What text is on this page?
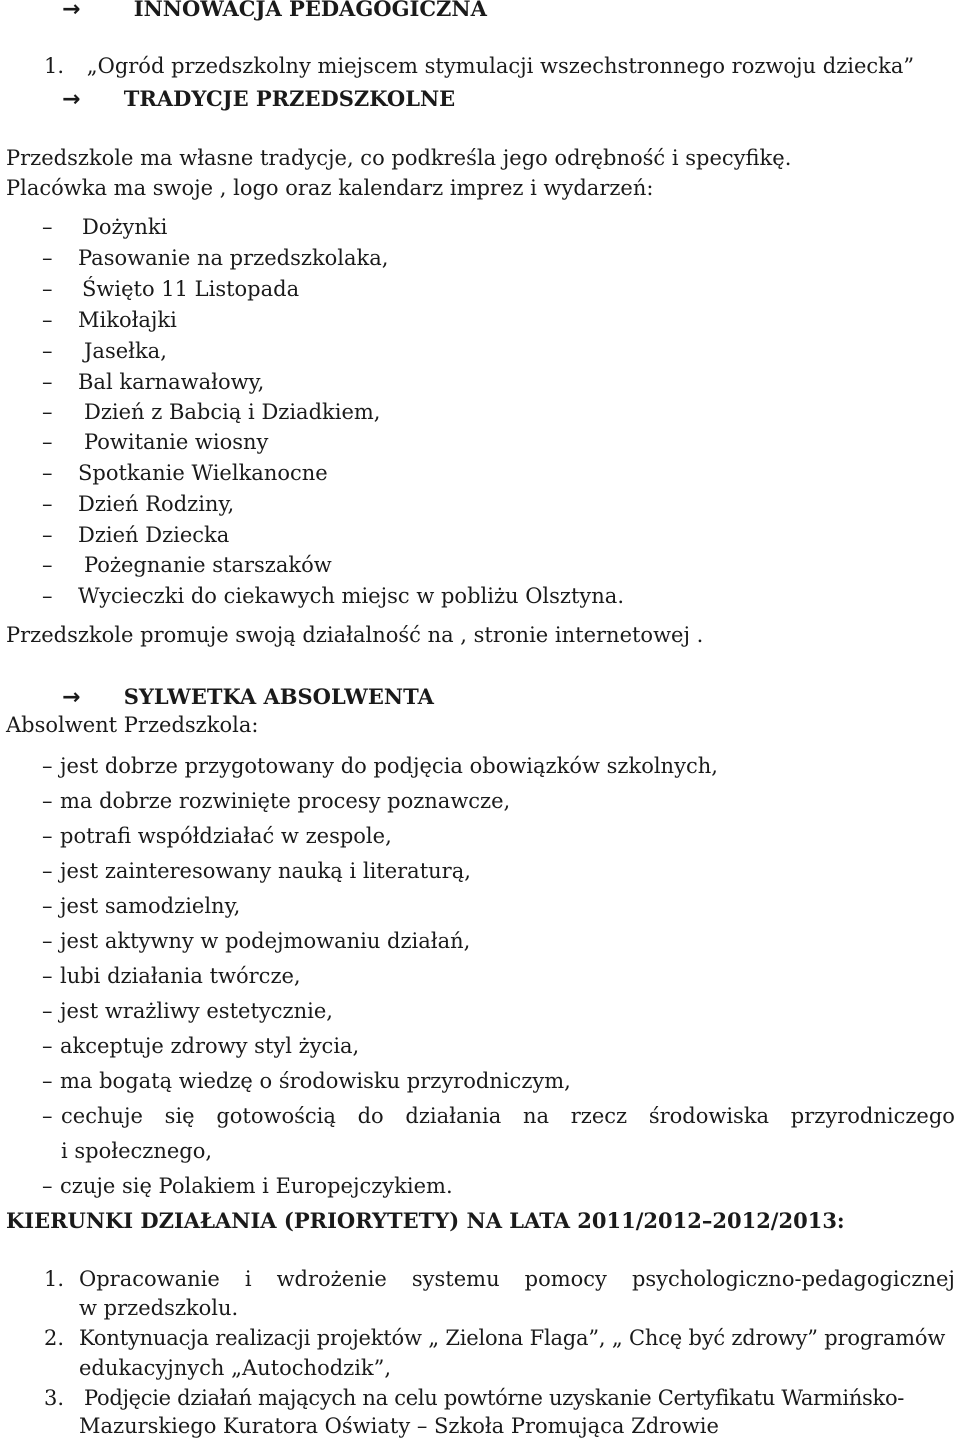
→	INNOWACJA PEDAGOGICZNA
1. „Ogród przedszkolny miejscem stymulacji wszechstronnego rozwoju dziecka”
→ TRADYCJE PRZEDSZKOLNE
Przedszkole ma własne tradycje, co podkreśla jego odrębność i specyfikę.
Placówka ma swoje , logo oraz kalendarz imprez i wydarzeń:
– Dożynki
– Pasowanie na przedszkolaka,
– Święto 11 Listopada
– Mikołajki
– Jasełka,
– Bal karnawałowy,
– Dzień z Babcią i Dziadkiem,
– Powitanie wiosny
– Spotkanie Wielkanocne
– Dzień Rodziny,
– Dzień Dziecka
– Pożegnanie starszaków
– Wycieczki do ciekawych miejsc w pobliżu Olsztyna.
Przedszkole promuje swoją działalność na , stronie internetowej .
→ SYLWETKA ABSOLWENTA
Absolwent Przedszkola:
– jest dobrze przygotowany do podjęcia obowiązków szkolnych,
– ma dobrze rozwinięte procesy poznawcze,
– potrafi współdziałać w zespole,
– jest zainteresowany nauką i literaturą,
– jest samodzielny,
– jest aktywny w podejmowaniu działań,
– lubi działania twórcze,
– jest wrażliwy estetycznie,
– akceptuje zdrowy styl życia,
– ma bogatą wiedzę o środowisku przyrodniczym,
– cechuje się gotowością do działania na rzecz środowiska przyrodniczego
i społecznego,
– czuje się Polakiem i Europejczykiem.
KIERUNKI DZIAŁANIA (PRIORYTETY) NA LATA 2011/2012–2012/2013:
1. Opracowanie i wdrożenie systemu pomocy psychologiczno-pedagogicznej
w przedszkolu.
2. Kontynuacja realizacji projektów „ Zielona Flaga”, „ Chcę być zdrowy” programów
edukacyjnych „Autochodzik”,
3. Podjęcie działań mających na celu powtórne uzyskanie Certyfikatu Warmińsko-
Mazurskiego Kuratora Oświaty – Szkoła Promująca Zdrowie
